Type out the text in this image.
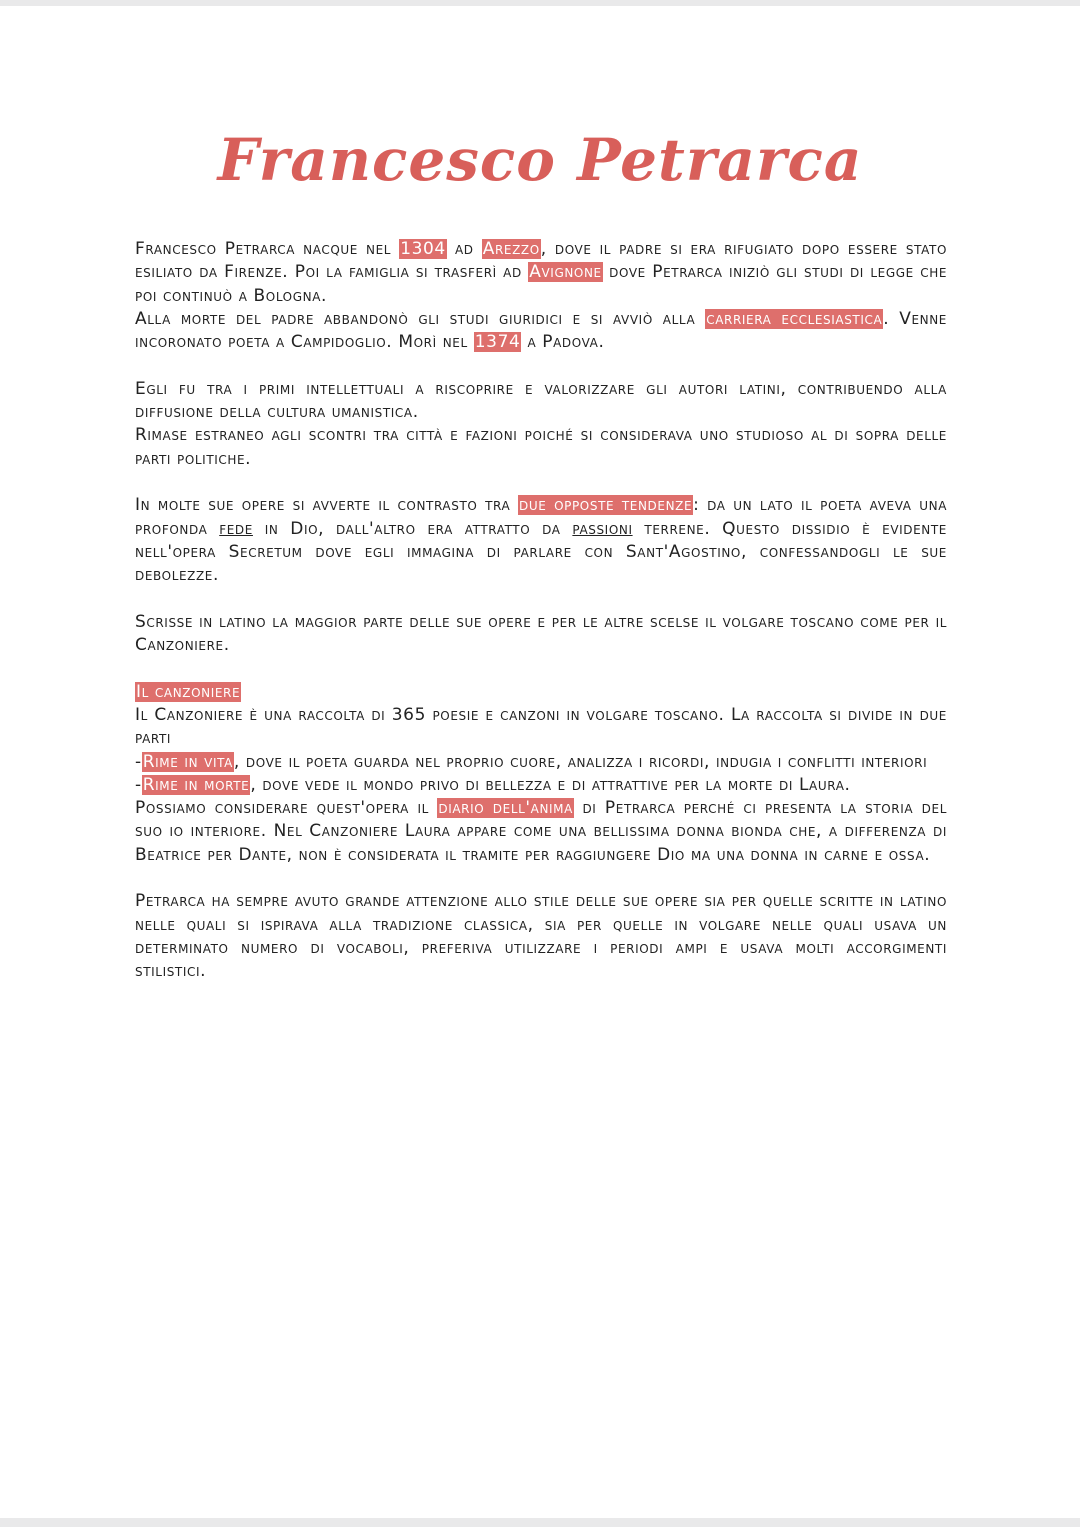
Francesco Petrarca

Francesco Petrarca nacque nel 1304 ad Arezzo, dove il padre si era rifugiato dopo essere stato esiliato da Firenze. Poi la famiglia si trasferì ad Avignone dove Petrarca iniziò gli studi di legge che poi continuò a Bologna.

Alla morte del padre abbandonò gli studi giuridici e si avviò alla carriera ecclesiastica. Venne incoronato poeta a Campidoglio. Morì nel 1374 a Padova.

Egli fu tra i primi intellettuali a riscoprire e valorizzare gli autori latini, contribuendo alla diffusione della cultura umanistica.

Rimase estraneo agli scontri tra città e fazioni poiché si considerava uno studioso al di sopra delle parti politiche.

In molte sue opere si avverte il contrasto tra due opposte tendenze: da un lato il poeta aveva una profonda fede in Dio, dall'altro era attratto da passioni terrene. Questo dissidio è evidente nell'opera Secretum dove egli immagina di parlare con Sant'Agostino, confessandogli le sue debolezze.

Scrisse in latino la maggior parte delle sue opere e per le altre scelse il volgare toscano come per il Canzoniere.

Il canzoniere

Il Canzoniere è una raccolta di 365 poesie e canzoni in volgare toscano. La raccolta si divide in due parti

-Rime in vita, dove il poeta guarda nel proprio cuore, analizza i ricordi, indugia i conflitti interiori

-Rime in morte, dove vede il mondo privo di bellezza e di attrattive per la morte di Laura.

Possiamo considerare quest'opera il diario dell'anima di Petrarca perché ci presenta la storia del suo io interiore. Nel Canzoniere Laura appare come una bellissima donna bionda che, a differenza di Beatrice per Dante, non è considerata il tramite per raggiungere Dio ma una donna in carne e ossa.

Petrarca ha sempre avuto grande attenzione allo stile delle sue opere sia per quelle scritte in latino nelle quali si ispirava alla tradizione classica, sia per quelle in volgare nelle quali usava un determinato numero di vocaboli, preferiva utilizzare i periodi ampi e usava molti accorgimenti stilistici.
